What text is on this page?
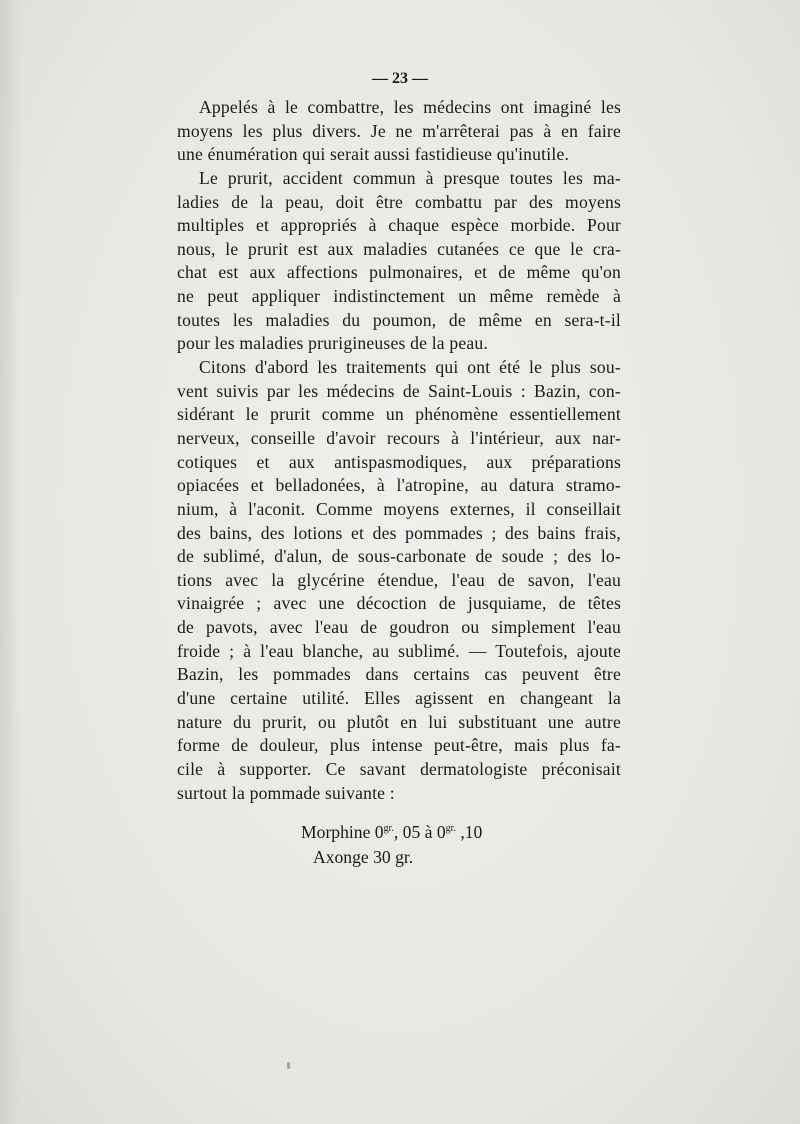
— 23 —
Appelés à le combattre, les médecins ont imaginé les
moyens les plus divers. Je ne m'arrêterai pas à en faire
une énumération qui serait aussi fastidieuse qu'inutile.
Le prurit, accident commun à presque toutes les ma-
ladies de la peau, doit être combattu par des moyens
multiples et appropriés à chaque espèce morbide. Pour
nous, le prurit est aux maladies cutanées ce que le cra-
chat est aux affections pulmonaires, et de même qu'on
ne peut appliquer indistinctement un même remède à
toutes les maladies du poumon, de même en sera-t-il
pour les maladies prurigineuses de la peau.
Citons d'abord les traitements qui ont été le plus sou-
vent suivis par les médecins de Saint-Louis : Bazin, con-
sidérant le prurit comme un phénomène essentiellement
nerveux, conseille d'avoir recours à l'intérieur, aux nar-
cotiques et aux antispasmodiques, aux préparations
opiacées et belladonées, à l'atropine, au datura stramo-
nium, à l'aconit. Comme moyens externes, il conseillait
des bains, des lotions et des pommades ; des bains frais,
de sublimé, d'alun, de sous-carbonate de soude ; des lo-
tions avec la glycérine étendue, l'eau de savon, l'eau
vinaigrée ; avec une décoction de jusquiame, de têtes
de pavots, avec l'eau de goudron ou simplement l'eau
froide ; à l'eau blanche, au sublimé. — Toutefois, ajoute
Bazin, les pommades dans certains cas peuvent être
d'une certaine utilité. Elles agissent en changeant la
nature du prurit, ou plutôt en lui substituant une autre
forme de douleur, plus intense peut-être, mais plus fa-
cile à supporter. Ce savant dermatologiste préconisait
surtout la pommade suivante :
Morphine $0^{gr.}$, 05 à $0^{gr.}$ ,10
Axonge 30 gr.
